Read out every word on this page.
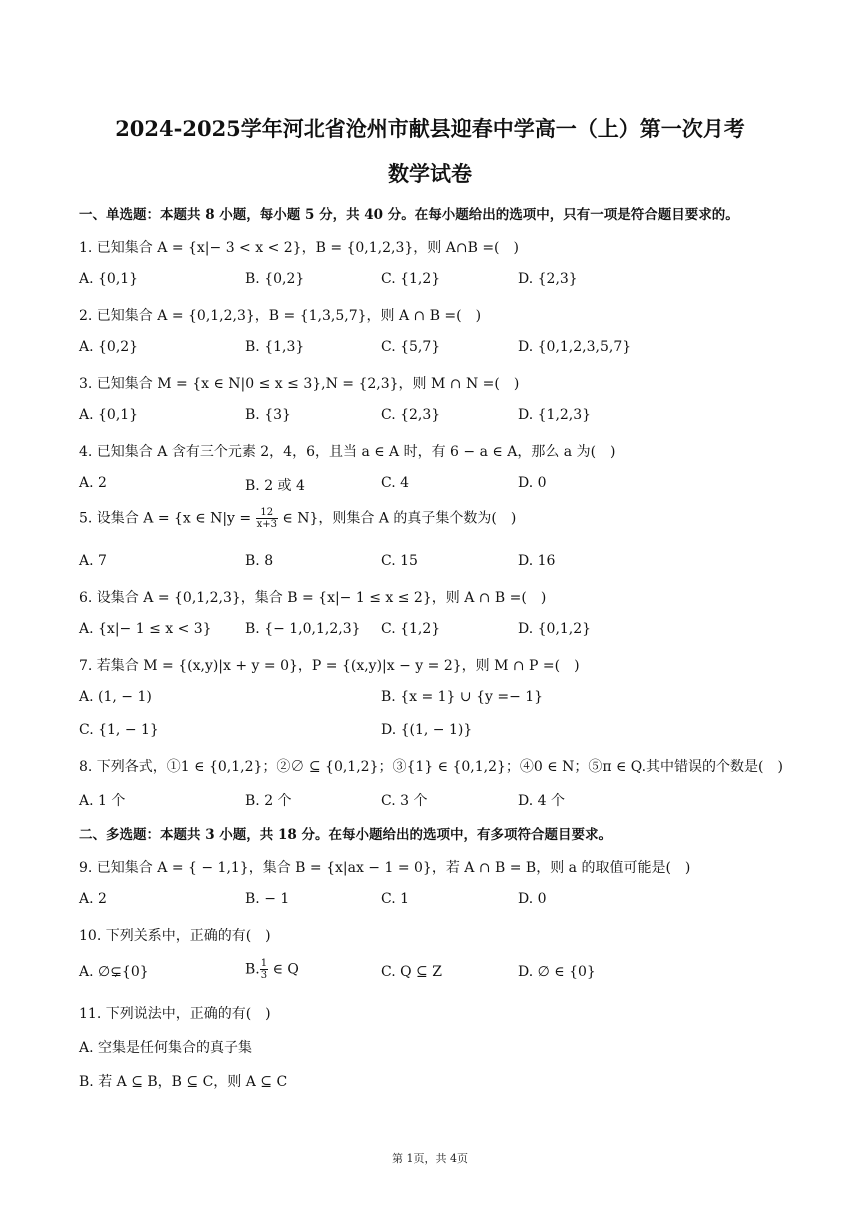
2024-2025学年河北省沧州市献县迎春中学高一（上）第一次月考
数学试卷
一、单选题：本题共 8 小题，每小题 5 分，共 40 分。在每小题给出的选项中，只有一项是符合题目要求的。
1. 已知集合 A = {x|− 3 < x < 2}，B = {0,1,2,3}，则 A∩B =(　)
A. {0,1}	B. {0,2}	C. {1,2}	D. {2,3}
2. 已知集合 A = {0,1,2,3}，B = {1,3,5,7}，则 A ∩ B =(　)
A. {0,2}	B. {1,3}	C. {5,7}	D. {0,1,2,3,5,7}
3. 已知集合 M = {x ∈ N|0 ≤ x ≤ 3},N = {2,3}，则 M ∩ N =(　)
A. {0,1}	B. {3}	C. {2,3}	D. {1,2,3}
4. 已知集合 A 含有三个元素 2，4，6，且当 a ∈ A 时，有 6 − a ∈ A，那么 a 为(　)
A. 2	B. 2 或 4	C. 4	D. 0
5. 设集合 A = {x ∈ $N|y = \frac{12}{x+3}$ ∈ N}，则集合 A 的真子集个数为(　)
A. 7	B. 8	C. 15	D. 16
6. 设集合 A = {0,1,2,3}，集合 B = {x|− 1 ≤ x ≤ 2}，则 A ∩ B =(　)
A. {x|− 1 ≤ x < 3} B. {− 1,0,1,2,3} C. {1,2}	D. {0,1,2}
7. 若集合 M = {(x,y)|x + y = 0}，P = {(x,y)|x − y = 2}，则 M ∩ P =(　)
A. (1, − 1)	B. {x = 1} ∪ {y =− 1}
C. {1, − 1}	D. {(1, − 1)}
8. 下列各式，①1 ∈ {0,1,2}；②∅ ⊆ {0,1,2}；③{1} ∈ {0,1,2}；④0 ∈ N；⑤π ∈ Q.其中错误的个数是(　)
A. 1 个	B. 2 个	C. 3 个	D. 4 个
二、多选题：本题共 3 小题，共 18 分。在每小题给出的选项中，有多项符合题目要求。
9. 已知集合 A = { − 1,1}，集合 B = {x|ax − 1 = 0}，若 A ∩ B = B，则 a 的取值可能是(　)
A. 2	B. − 1	C. 1	D. 0
10. 下列关系中，正确的有(　)
A. ∅⊊{0}	B. $\frac{1}{3}$ ∈ Q	C. Q ⊆ Z	D. ∅ ∈ {0}
11. 下列说法中，正确的有(　)
A. 空集是任何集合的真子集
B. 若 A ⊆ B，B ⊆ C，则 A ⊆ C
第 1页，共 4页
